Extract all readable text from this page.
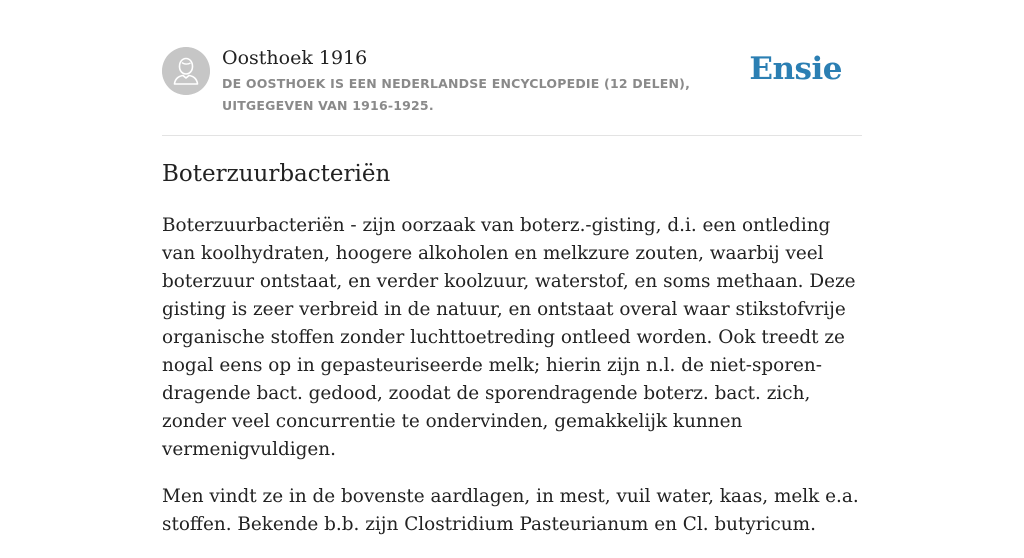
Oosthoek 1916
DE OOSTHOEK IS EEN NEDERLANDSE ENCYCLOPEDIE (12 DELEN), UITGEGEVEN VAN 1916-1925.
Ensie
Boterzuurbacteriën

Boterzuurbacteriën - zijn oorzaak van boterz.-gisting, d.i. een ontleding van koolhydraten, hoogere alkoholen en melkzure zouten, waarbij veel boterzuur ontstaat, en verder koolzuur, waterstof, en soms methaan. Deze gisting is zeer verbreid in de natuur, en ontstaat overal waar stikstofvrije organische stoffen zonder luchttoetreding ontleed worden. Ook treedt ze nogal eens op in gepasteuriseerde melk; hierin zijn n.l. de niet-sporen-dragende bact. gedood, zoodat de sporendragende boterz. bact. zich, zonder veel concurrentie te ondervinden, gemakkelijk kunnen vermenigvuldigen.

Men vindt ze in de bovenste aardlagen, in mest, vuil water, kaas, melk e.a. stoffen. Bekende b.b. zijn Clostridium Pasteurianum en Cl. butyricum.
